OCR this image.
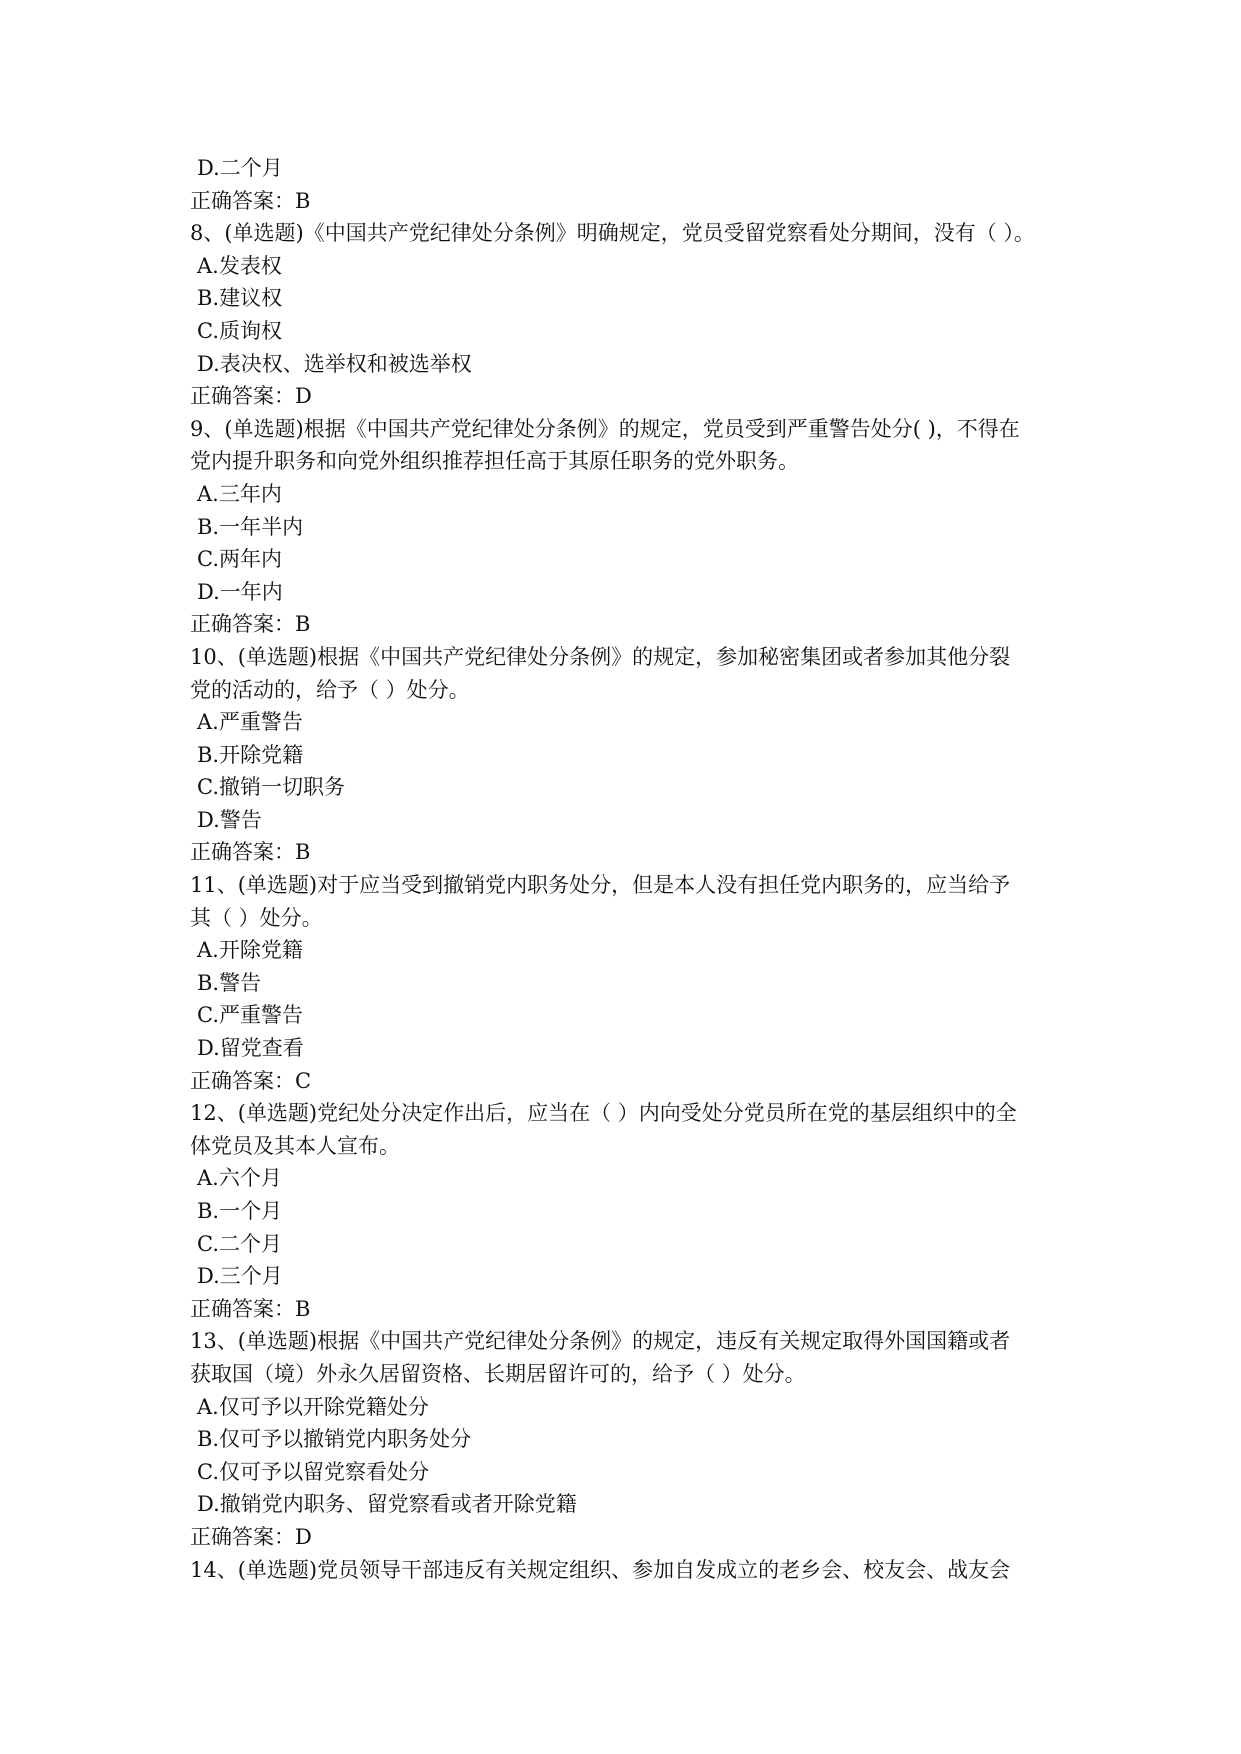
D.二个月
正确答案：B
8、(单选题)《中国共产党纪律处分条例》明确规定，党员受留党察看处分期间，没有（ ）。
A.发表权
B.建议权
C.质询权
D.表决权、选举权和被选举权
正确答案：D
9、(单选题)根据《中国共产党纪律处分条例》的规定，党员受到严重警告处分( )，不得在
党内提升职务和向党外组织推荐担任高于其原任职务的党外职务。
A.三年内
B.一年半内
C.两年内
D.一年内
正确答案：B
10、(单选题)根据《中国共产党纪律处分条例》的规定，参加秘密集团或者参加其他分裂
党的活动的，给予（ ）处分。
A.严重警告
B.开除党籍
C.撤销一切职务
D.警告
正确答案：B
11、(单选题)对于应当受到撤销党内职务处分，但是本人没有担任党内职务的，应当给予
其（ ）处分。
A.开除党籍
B.警告
C.严重警告
D.留党查看
正确答案：C
12、(单选题)党纪处分决定作出后，应当在（ ）内向受处分党员所在党的基层组织中的全
体党员及其本人宣布。
A.六个月
B.一个月
C.二个月
D.三个月
正确答案：B
13、(单选题)根据《中国共产党纪律处分条例》的规定，违反有关规定取得外国国籍或者
获取国（境）外永久居留资格、长期居留许可的，给予（ ）处分。
A.仅可予以开除党籍处分
B.仅可予以撤销党内职务处分
C.仅可予以留党察看处分
D.撤销党内职务、留党察看或者开除党籍
正确答案：D
14、(单选题)党员领导干部违反有关规定组织、参加自发成立的老乡会、校友会、战友会
